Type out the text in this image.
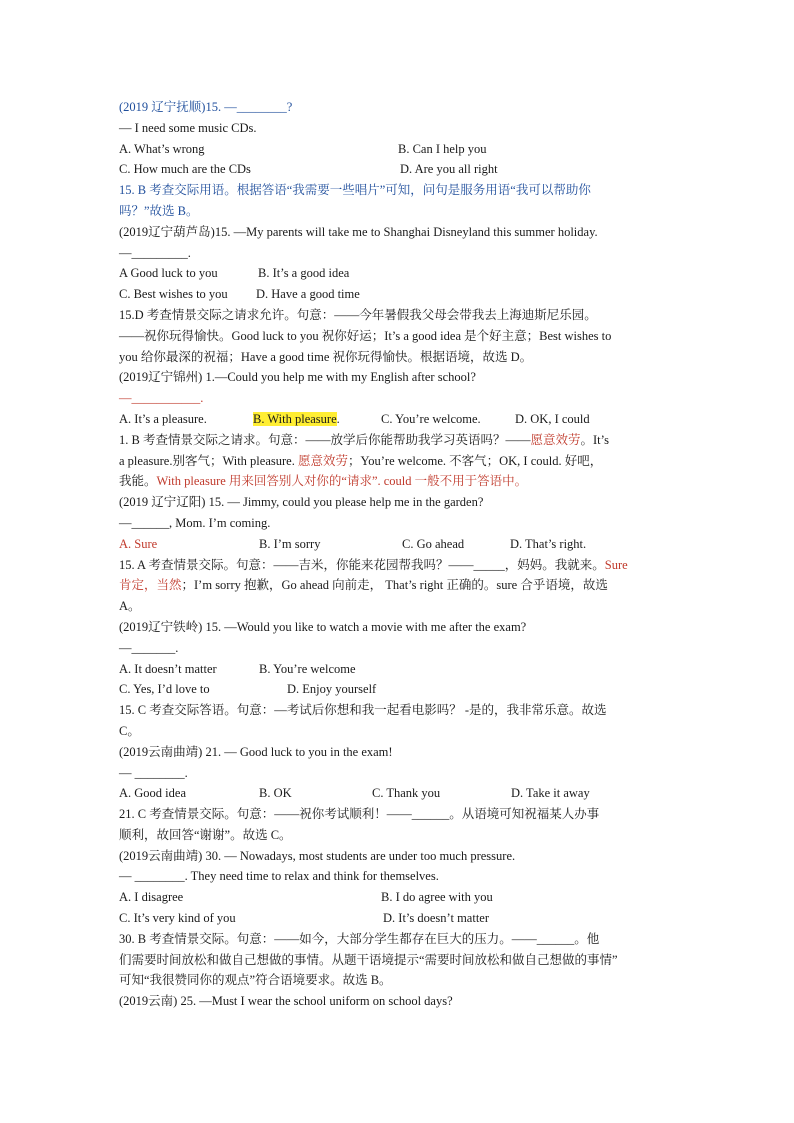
(2019 辽宁抚顺)15. —________?
— I need some music CDs.
A. What’s wrong	B. Can I help you
C. How much are the CDs	D. Are you all right
15. B 考查交际用语。根据答语“我需要一些唱片”可知，问句是服务用语“我可以帮助你
吗？”故选 B。
(2019辽宁葫芦岛)15. —My parents will take me to Shanghai Disneyland this summer holiday.
—_________.
A Good luck to you	B. It’s a good idea
C. Best wishes to you D. Have a good time
15.D 考查情景交际之请求允许。句意：——今年暑假我父母会带我去上海迪斯尼乐园。
——祝你玩得愉快。Good luck to you 祝你好运；It’s a good idea 是个好主意；Best wishes to
you 给你最深的祝福；Have a good time 祝你玩得愉快。根据语境，故选 D。
(2019辽宁锦州) 1.—Could you help me with my English after school?
—___________.
A. It’s a pleasure.	B. With pleasure.	C. You’re welcome.	D. OK, I could
1. B 考查情景交际之请求。句意：——放学后你能帮助我学习英语吗？——愿意效劳。It’s
a pleasure.别客气；With pleasure. 愿意效劳；You’re welcome. 不客气；OK, I could. 好吧，
我能。With pleasure 用来回答别人对你的“请求”. could 一般不用于答语中。
(2019 辽宁辽阳) 15. — Jimmy, could you please help me in the garden?
—______, Mom. I’m coming.
A. Sure	B. I’m sorry	C. Go ahead	D. That’s right.
15. A 考查情景交际。句意：——吉米，你能来花园帮我吗？——_____，妈妈。我就来。Sure
肯定，当然；I’m sorry 抱歉，Go ahead 向前走， That’s right 正确的。sure 合乎语境，故选
A。
(2019辽宁铁岭) 15. —Would you like to watch a movie with me after the exam?
—_______.
A. It doesn’t matter	B. You’re welcome
C. Yes, I’d love to	D. Enjoy yourself
15. C 考查交际答语。句意：—考试后你想和我一起看电影吗？ -是的，我非常乐意。故选
C。
(2019云南曲靖) 21. — Good luck to you in the exam!
— ________.
A. Good idea	B. OK	C. Thank you	D. Take it away
21. C 考查情景交际。句意：——祝你考试顺利！——______。从语境可知祝福某人办事
顺利，故回答“谢谢”。故选 C。
(2019云南曲靖) 30. — Nowadays, most students are under too much pressure.
— ________. They need time to relax and think for themselves.
A. I disagree	B. I do agree with you
C. It’s very kind of you	D. It’s doesn’t matter
30. B 考查情景交际。句意：——如今，大部分学生都存在巨大的压力。——______。他
们需要时间放松和做自己想做的事情。从题干语境提示“需要时间放松和做自己想做的事情”
可知“我很赞同你的观点”符合语境要求。故选 B。
(2019云南) 25. —Must I wear the school uniform on school days?
